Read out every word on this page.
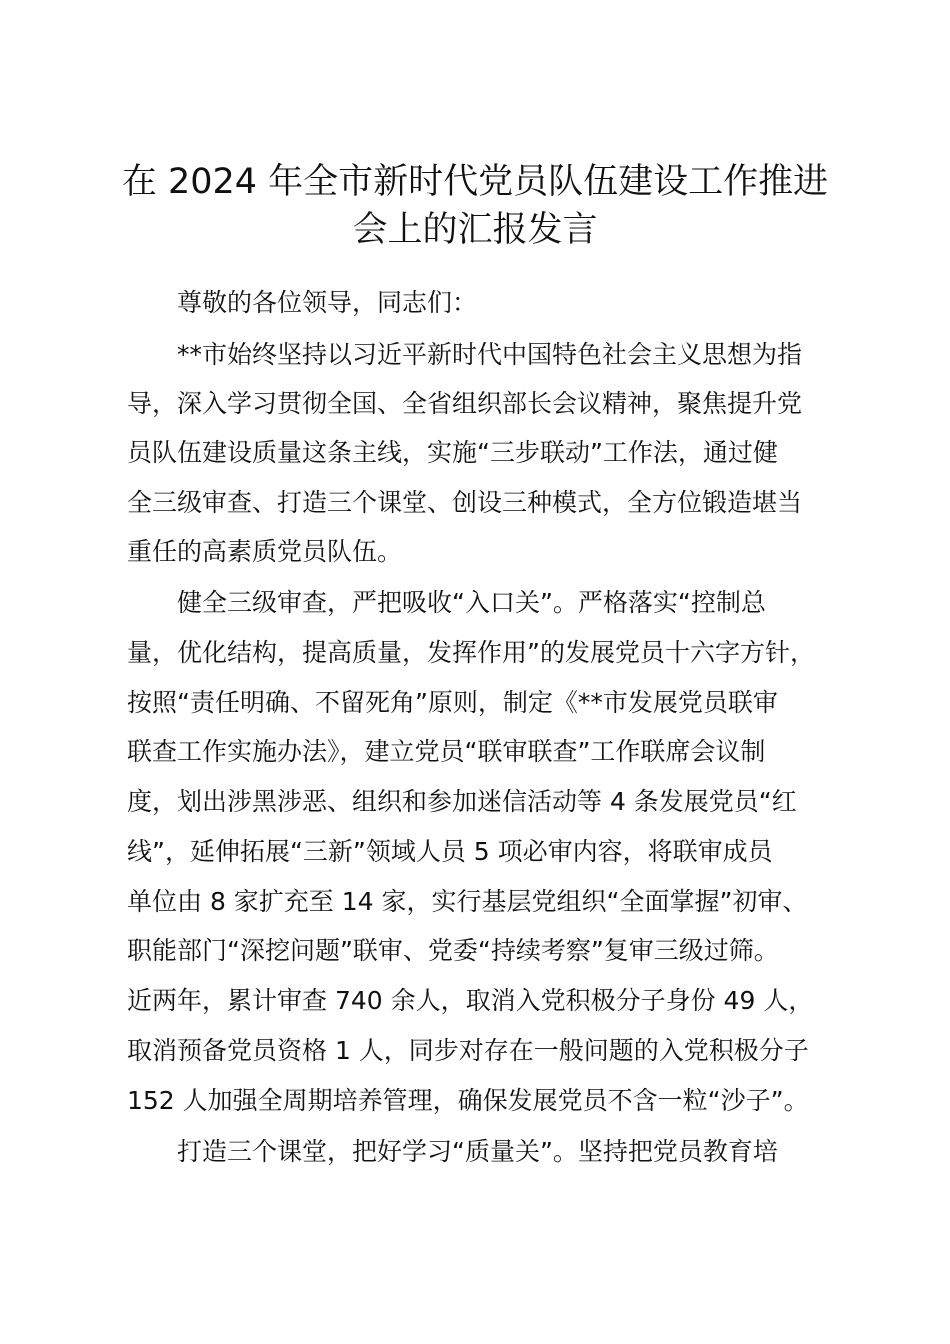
在 2024 年全市新时代党员队伍建设工作推进
会上的汇报发言

尊敬的各位领导，同志们：

**市始终坚持以习近平新时代中国特色社会主义思想为指

导，深入学习贯彻全国、全省组织部长会议精神，聚焦提升党

员队伍建设质量这条主线，实施“三步联动”工作法，通过健

全三级审查、打造三个课堂、创设三种模式，全方位锻造堪当

重任的高素质党员队伍。

健全三级审查，严把吸收“入口关”。严格落实“控制总

量，优化结构，提高质量，发挥作用”的发展党员十六字方针，

按照“责任明确、不留死角”原则，制定《**市发展党员联审

联查工作实施办法》，建立党员“联审联查”工作联席会议制

度，划出涉黑涉恶、组织和参加迷信活动等 4 条发展党员“红

线”，延伸拓展“三新”领域人员 5 项必审内容，将联审成员

单位由 8 家扩充至 14 家，实行基层党组织“全面掌握”初审、

职能部门“深挖问题”联审、党委“持续考察”复审三级过筛。

近两年，累计审查 740 余人，取消入党积极分子身份 49 人，

取消预备党员资格 1 人，同步对存在一般问题的入党积极分子

152 人加强全周期培养管理，确保发展党员不含一粒“沙子”。

打造三个课堂，把好学习“质量关”。坚持把党员教育培
